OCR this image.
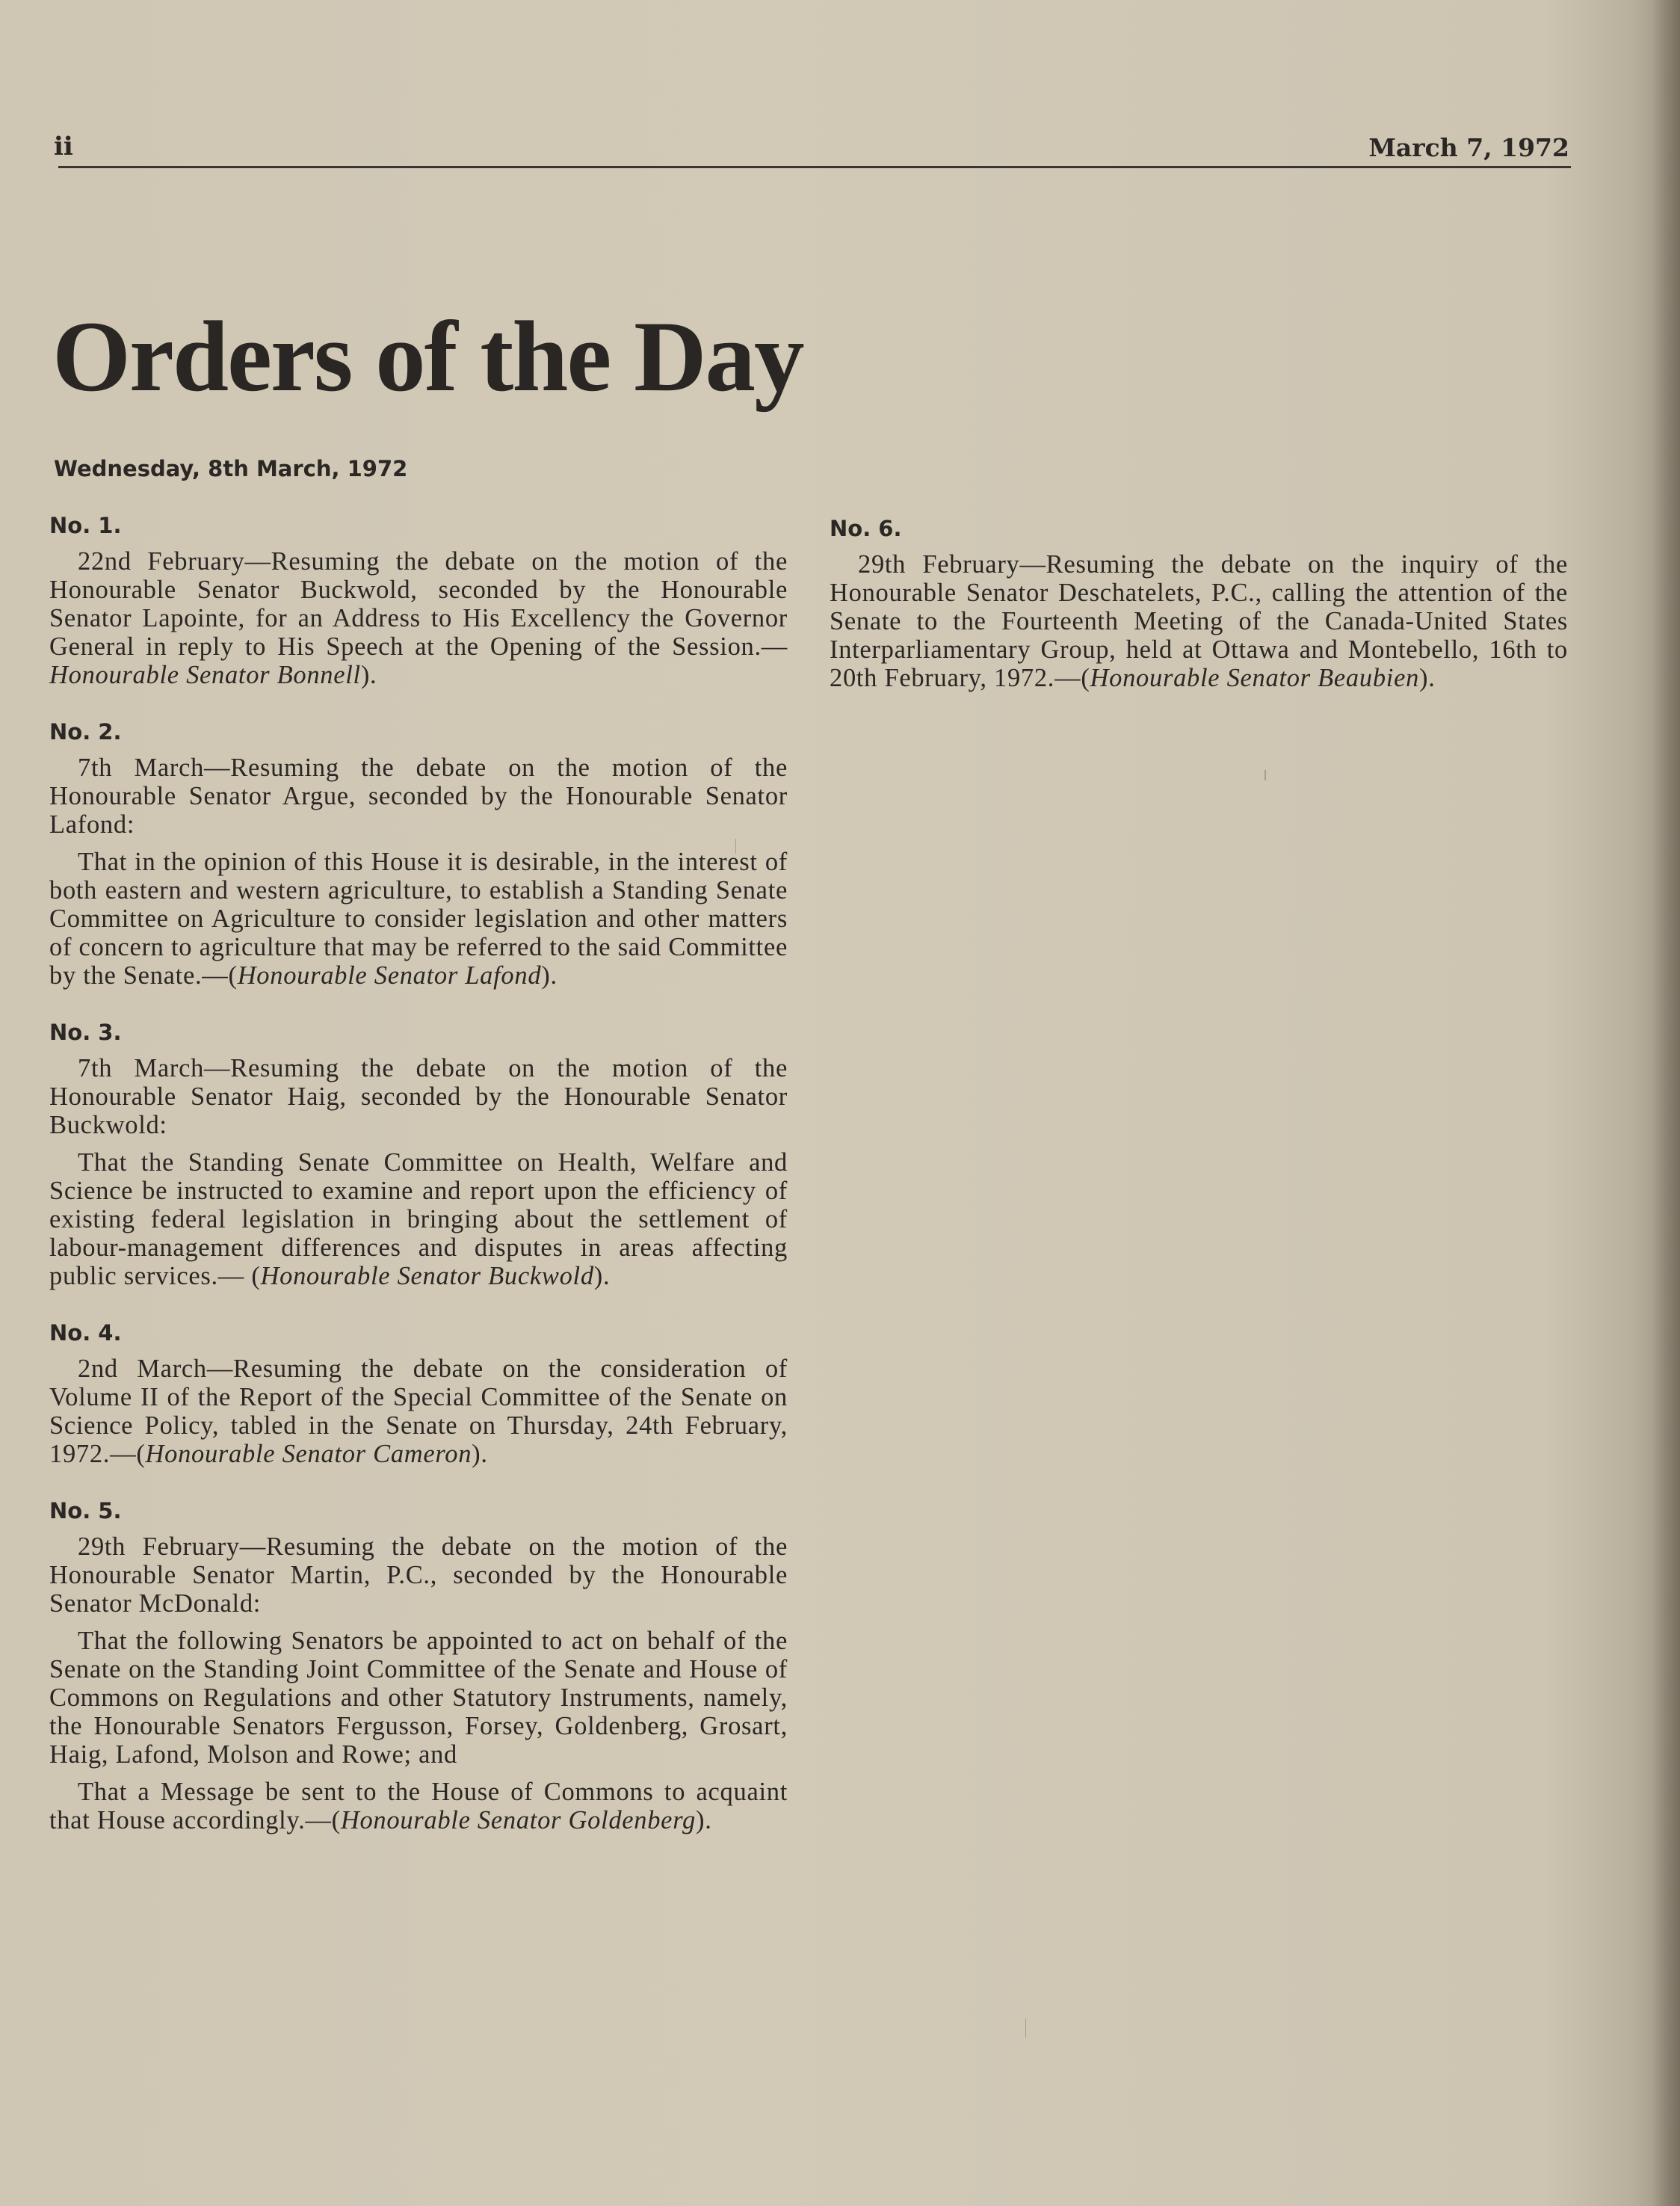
ii	March 7, 1972
Orders of the Day
Wednesday, 8th March, 1972
No. 1.

22nd February—Resuming the debate on the motion of the Honourable Senator Buckwold, seconded by the Honourable Senator Lapointe, for an Address to His Excellency the Governor General in reply to His Speech at the Opening of the Session.—Honourable Senator Bonnell).

No. 2.

7th March—Resuming the debate on the motion of the Honourable Senator Argue, seconded by the Honourable Senator Lafond:

That in the opinion of this House it is desirable, in the interest of both eastern and western agriculture, to establish a Standing Senate Committee on Agriculture to consider legislation and other matters of concern to agriculture that may be referred to the said Committee by the Senate.—(Honourable Senator Lafond).

No. 3.

7th March—Resuming the debate on the motion of the Honourable Senator Haig, seconded by the Honourable Senator Buckwold:

That the Standing Senate Committee on Health, Welfare and Science be instructed to examine and report upon the efficiency of existing federal legislation in bringing about the settlement of labour-management differences and disputes in areas affecting public services.— (Honourable Senator Buckwold).

No. 4.

2nd March—Resuming the debate on the consideration of Volume II of the Report of the Special Committee of the Senate on Science Policy, tabled in the Senate on Thursday, 24th February, 1972.—(Honourable Senator Cameron).

No. 5.

29th February—Resuming the debate on the motion of the Honourable Senator Martin, P.C., seconded by the Honourable Senator McDonald:

That the following Senators be appointed to act on behalf of the Senate on the Standing Joint Committee of the Senate and House of Commons on Regulations and other Statutory Instruments, namely, the Honourable Senators Fergusson, Forsey, Goldenberg, Grosart, Haig, Lafond, Molson and Rowe; and

That a Message be sent to the House of Commons to acquaint that House accordingly.—(Honourable Senator Goldenberg).

No. 6.

29th February—Resuming the debate on the inquiry of the Honourable Senator Deschatelets, P.C., calling the attention of the Senate to the Fourteenth Meeting of the Canada-United States Interparliamentary Group, held at Ottawa and Montebello, 16th to 20th February, 1972.—(Honourable Senator Beaubien).
